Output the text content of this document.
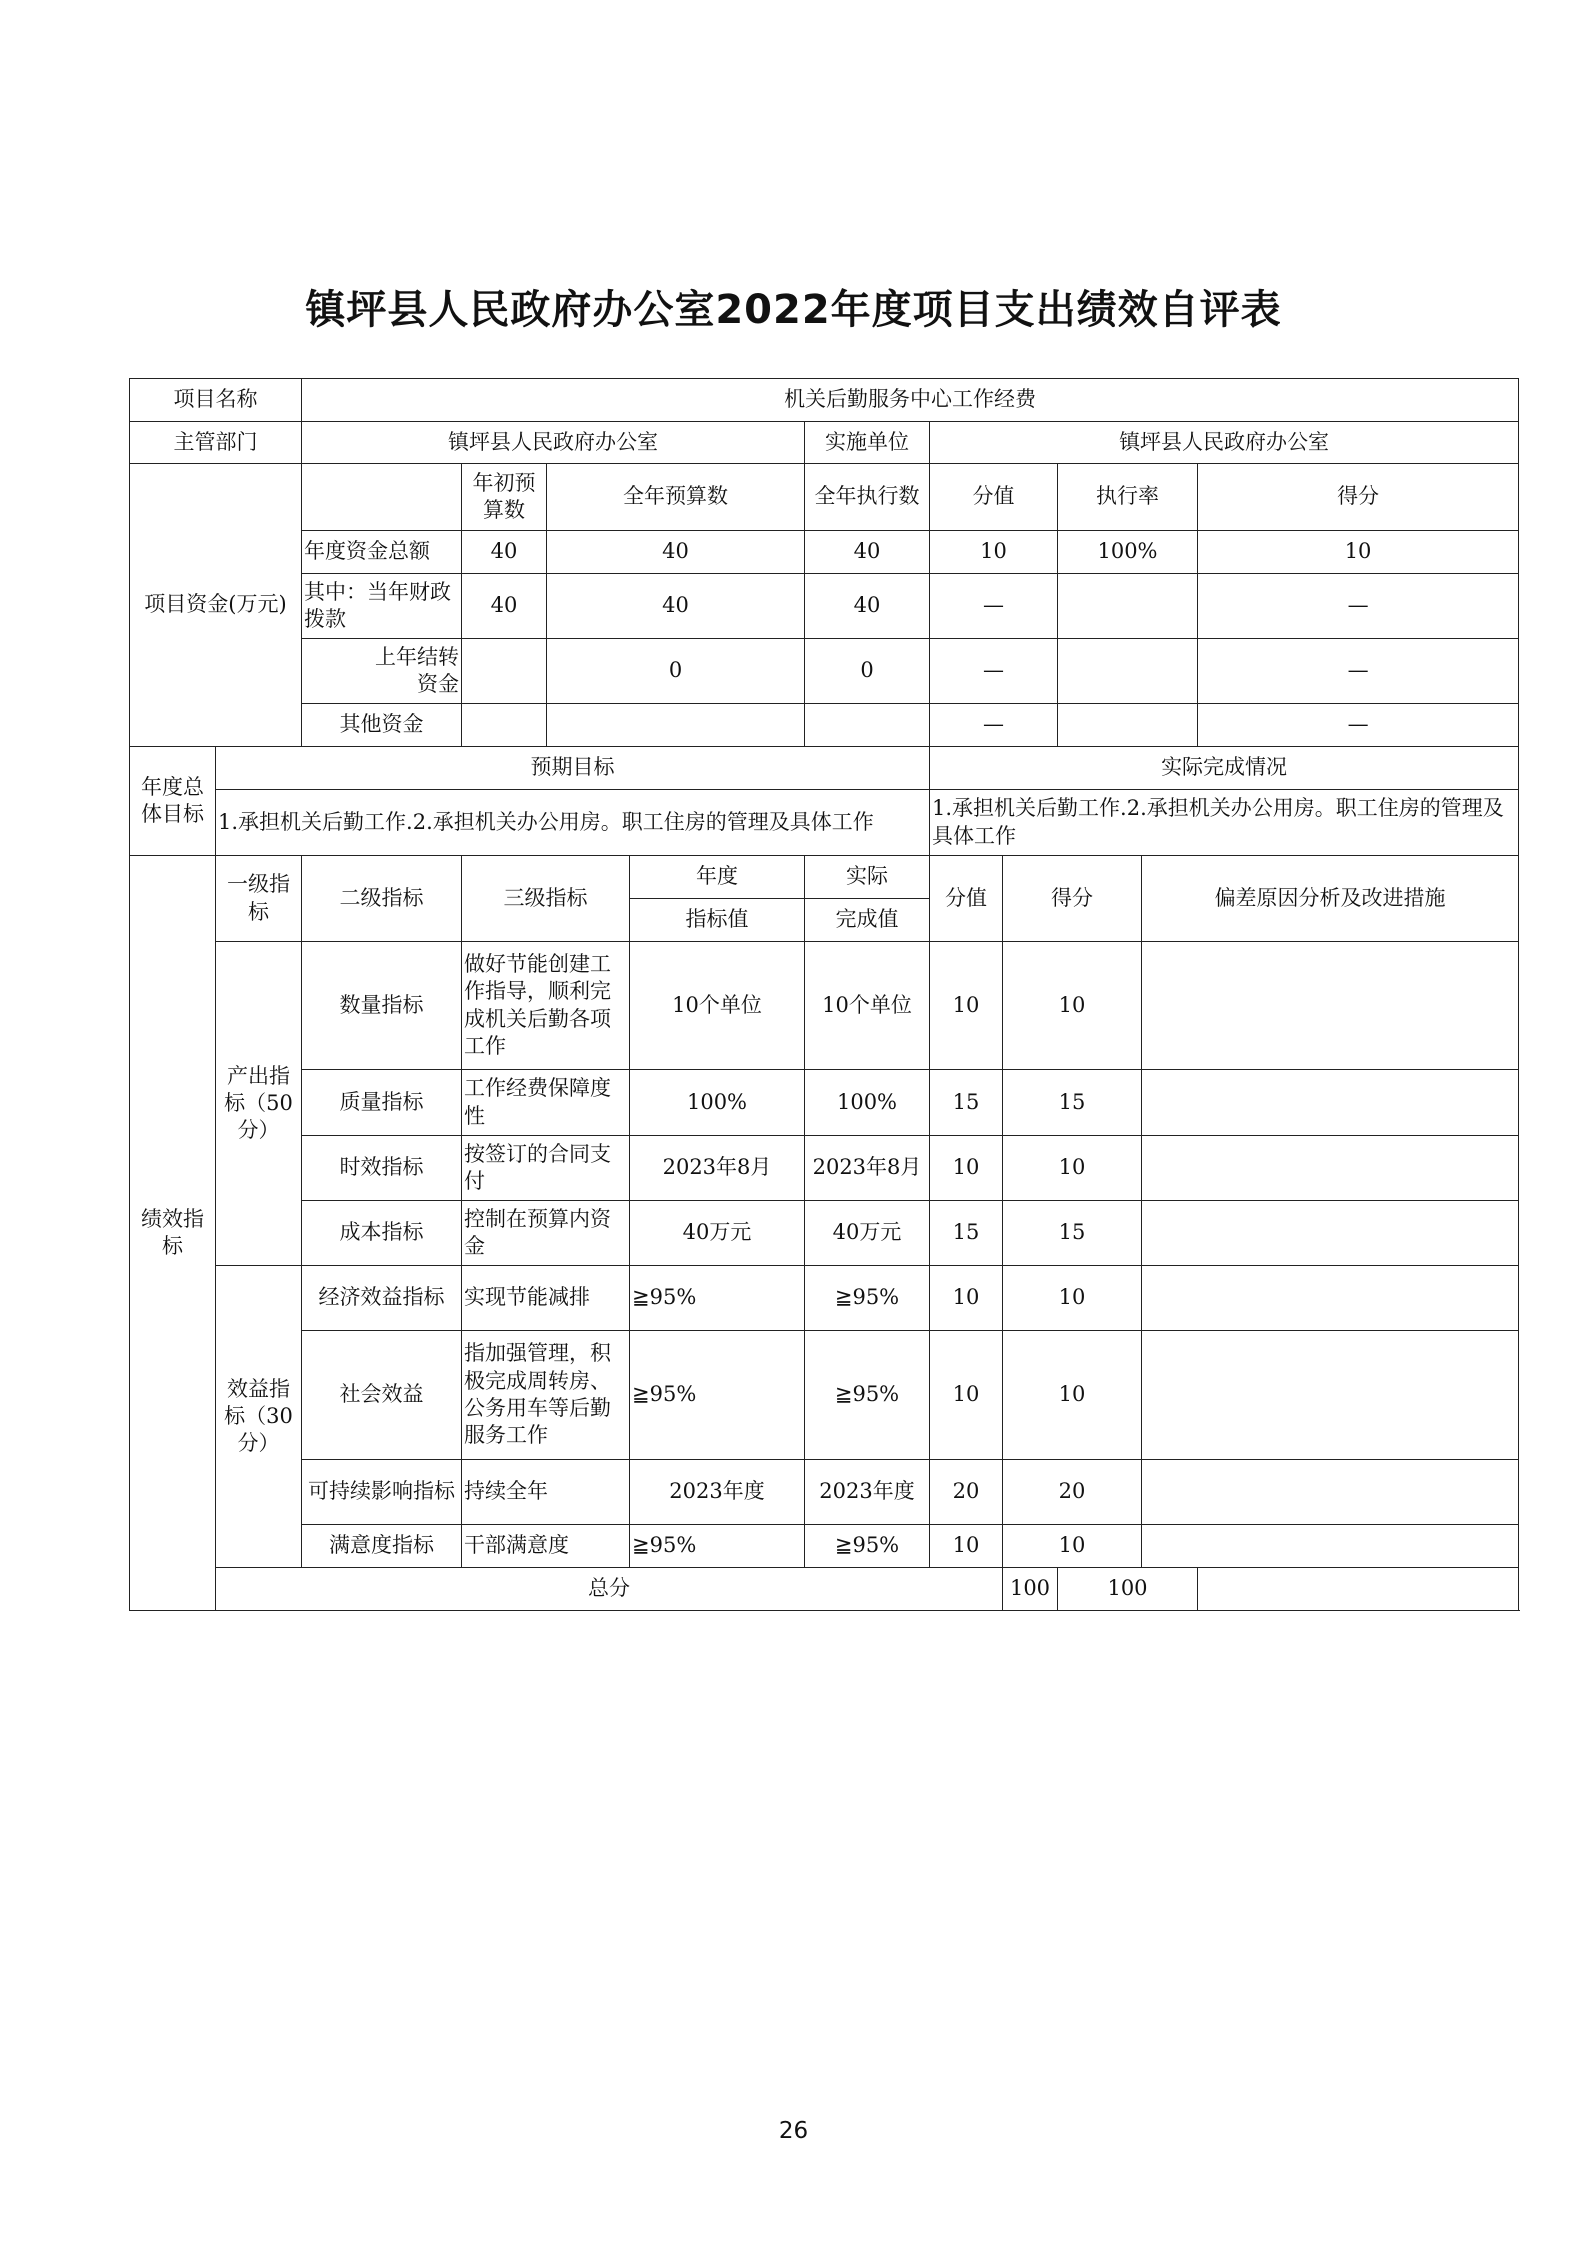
镇坪县人民政府办公室2022年度项目支出绩效自评表
项目名称		机关后勤服务中心工作经费									
主管部门		镇坪县人民政府办公室				实施单位	镇坪县人民政府办公室				
项目资金(万元)			年初预算数	全年预算数		全年执行数	分值		执行率		得分
		年度资金总额	40	40		40	10		100%		10
		其中：当年财政拨款	40	40		40	—				—
		上年结转资金		0		0	—				—
		其他资金					—				—
年度总体目标	预期目标						实际完成情况				
	1.承担机关后勤工作.2.承担机关办公用房。职工住房的管理及具体工作						1.承担机关后勤工作.2.承担机关办公用房。职工住房的管理及具体工作				
绩效指标	一级指标	二级指标	三级指标		年度	实际	分值	得分		偏差原因分析及改进措施	
					指标值	完成值					
	产出指标（50分）	数量指标	做好节能创建工作指导，顺利完成机关后勤各项工作		10个单位	10个单位	10	10			
		质量指标	工作经费保障度性		100%	100%	15	15			
		时效指标	按签订的合同支付		2023年8月	2023年8月	10	10			
		成本指标	控制在预算内资金		40万元	40万元	15	15			
	效益指标（30分）	经济效益指标	实现节能减排		≧95%	≧95%	10	10			
		社会效益	指加强管理，积极完成周转房、公务用车等后勤服务工作		≧95%	≧95%	10	10			
		可持续影响指标	持续全年		2023年度	2023年度	20	20			
		满意度指标	干部满意度		≧95%	≧95%	10	10			
	总分							100	100		
26
